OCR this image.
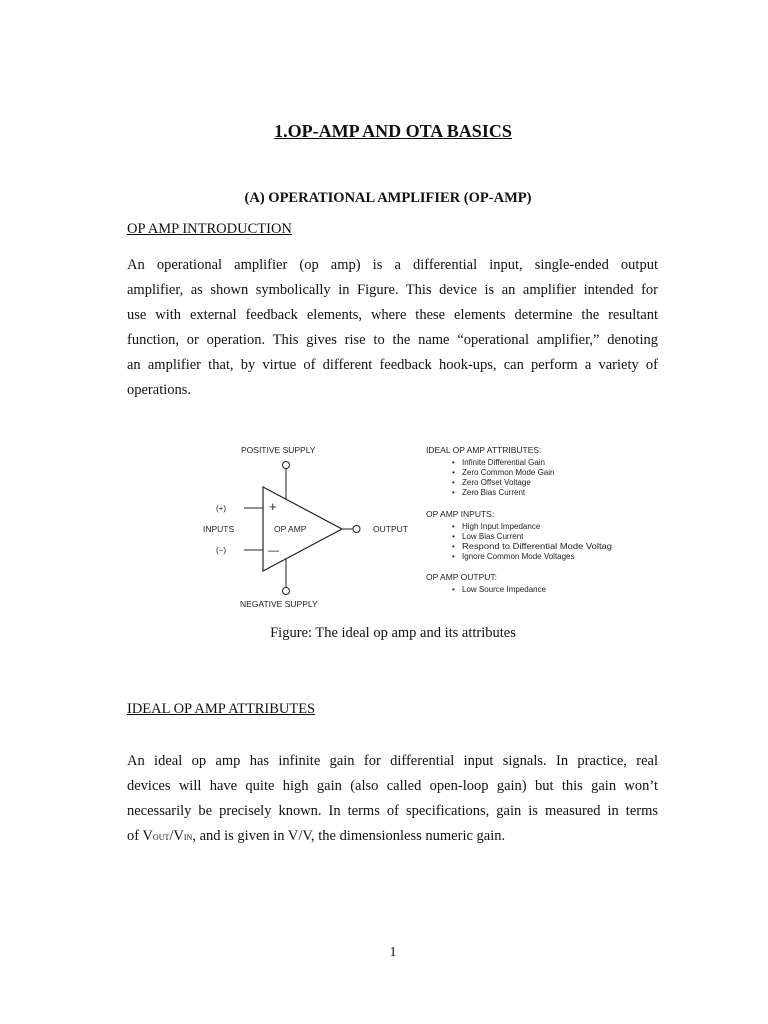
1.OP-AMP AND OTA BASICS
(A) OPERATIONAL AMPLIFIER (OP-AMP)
OP AMP INTRODUCTION
An operational amplifier (op amp) is a differential input, single-ended output
amplifier, as shown symbolically in Figure. This device is an amplifier intended for
use with external feedback elements, where these elements determine the resultant
function, or operation. This gives rise to the name “operational amplifier,” denoting
an amplifier that, by virtue of different feedback hook-ups, can perform a variety of
operations.
POSITIVE SUPPLY
NEGATIVE SUPPLY
(+)
(−)
INPUTS
+
—
OP AMP	OUTPUT
IDEAL OP AMP ATTRIBUTES:
• Infinite Differential Gain
• Zero Common Mode Gain
• Zero Offset Voltage
• Zero Bias Current
OP AMP INPUTS:
• High Input Impedance
• Low Bias Current
• Respond to Differential Mode Voltag
• Ignore Common Mode Voltages
OP AMP OUTPUT:
• Low Source Impedance
Figure: The ideal op amp and its attributes
IDEAL OP AMP ATTRIBUTES
An ideal op amp has infinite gain for differential input signals. In practice, real
devices will have quite high gain (also called open-loop gain) but this gain won’t
necessarily be precisely known. In terms of specifications, gain is measured in terms
of VOUT/VIN, and is given in V/V, the dimensionless numeric gain.
1
